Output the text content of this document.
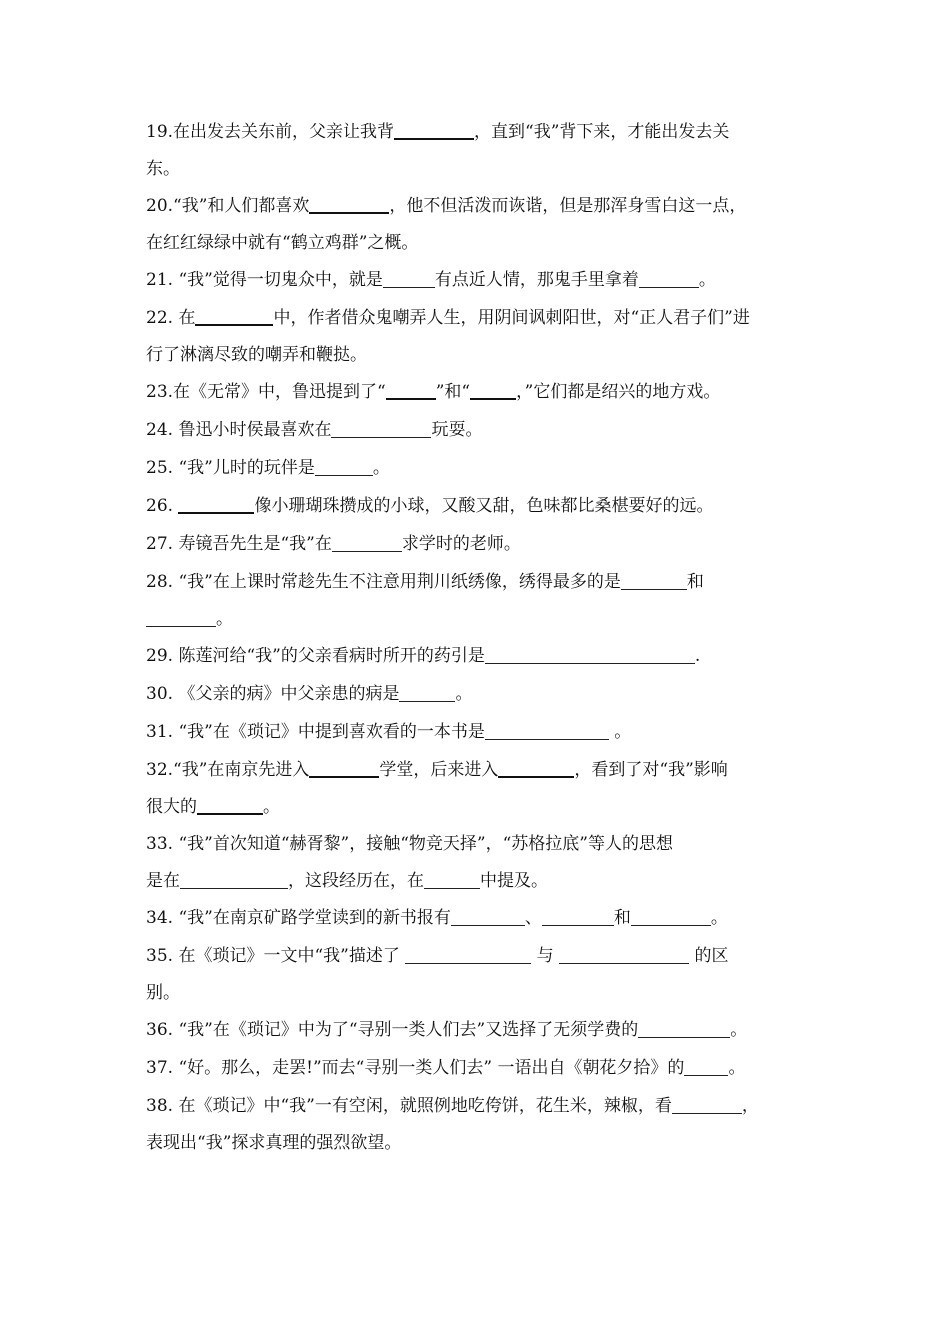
19.在出发去关东前，父亲让我背	，直到“我”背下来，才能出发去关
东。
20.“我”和人们都喜欢	，他不但活泼而诙谐，但是那浑身雪白这一点，
在红红绿绿中就有“鹤立鸡群”之概。
21. “我”觉得一切鬼众中，就是	有点近人情，那鬼手里拿着	。
22. 在	中，作者借众鬼嘲弄人生，用阴间讽刺阳世，对“正人君子们”进
行了淋漓尽致的嘲弄和鞭挞。
23.在《无常》中，鲁迅提到了“	”和“	，”它们都是绍兴的地方戏。
24. 鲁迅小时侯最喜欢在	玩耍。
25. “我”儿时的玩伴是	。
26.	像小珊瑚珠攒成的小球，又酸又甜，色味都比桑椹要好的远。
27. 寿镜吾先生是“我”在	求学时的老师。
28. “我”在上课时常趁先生不注意用荆川纸绣像，绣得最多的是	和
。
29. 陈莲河给“我”的父亲看病时所开的药引是	.
30. 《父亲的病》中父亲患的病是	。
31. “我”在《琐记》中提到喜欢看的一本书是	。
32.“我”在南京先进入	学堂，后来进入	，看到了对“我”影响
很大的	。
33. “我”首次知道“赫胥黎”，接触“物竞天择”，“苏格拉底”等人的思想
是在	，这段经历在，在	中提及。
34. “我”在南京矿路学堂读到的新书报有	、	和	。
35. 在《琐记》一文中“我”描述了	与	的区
别。
36. “我”在《琐记》中为了“寻别一类人们去”又选择了无须学费的	。
37. “好。那么，走罢!”而去“寻别一类人们去” 一语出自《朝花夕拾》的	。
38. 在《琐记》中“我”一有空闲，就照例地吃侉饼，花生米，辣椒，看	，
表现出“我”探求真理的强烈欲望。
